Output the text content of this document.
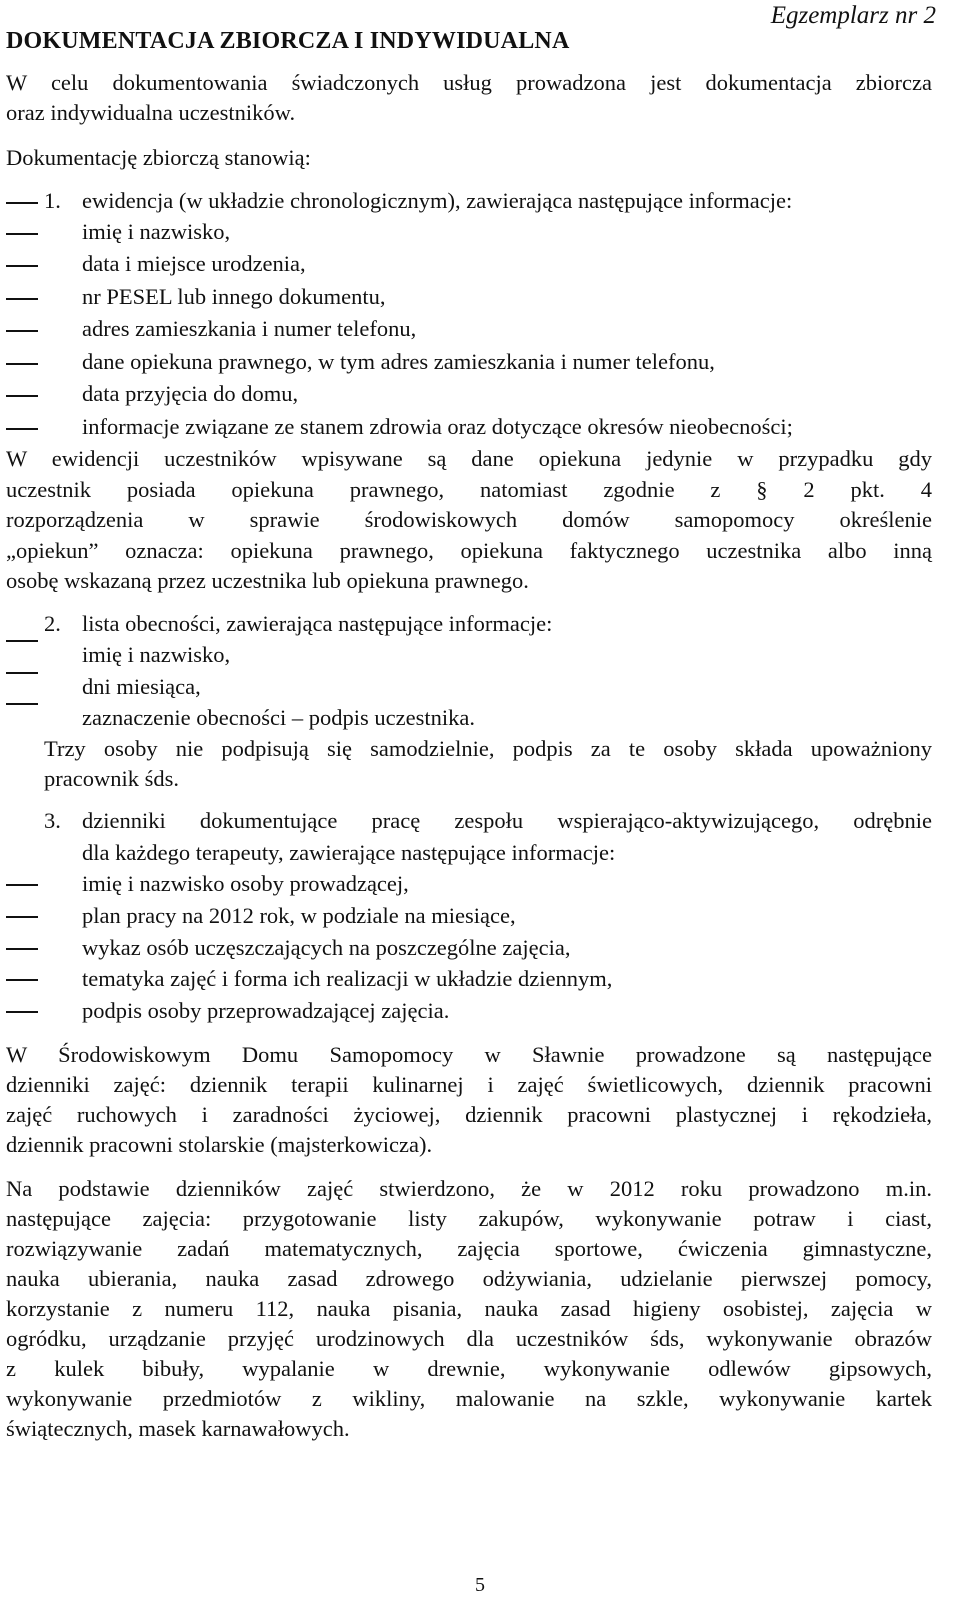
Egzemplarz nr 2
DOKUMENTACJA ZBIORCZA I INDYWIDUALNA
W celu dokumentowania świadczonych usług prowadzona jest dokumentacja zbiorcza
oraz indywidualna uczestników.
Dokumentację zbiorczą stanowią:
1. ewidencja (w układzie chronologicznym), zawierająca następujące informacje:
imię i nazwisko,
data i miejsce urodzenia,
nr PESEL lub innego dokumentu,
adres zamieszkania i numer telefonu,
dane opiekuna prawnego, w tym adres zamieszkania i numer telefonu,
data przyjęcia do domu,
informacje związane ze stanem zdrowia oraz dotyczące okresów nieobecności;
W ewidencji uczestników wpisywane są dane opiekuna jedynie w przypadku gdy
uczestnik posiada opiekuna prawnego, natomiast zgodnie z § 2 pkt. 4
rozporządzenia w sprawie środowiskowych domów samopomocy określenie
„opiekun” oznacza: opiekuna prawnego, opiekuna faktycznego uczestnika albo inną
osobę wskazaną przez uczestnika lub opiekuna prawnego.
2. lista obecności, zawierająca następujące informacje:
imię i nazwisko,
dni miesiąca,
zaznaczenie obecności – podpis uczestnika.
Trzy osoby nie podpisują się samodzielnie, podpis za te osoby składa upoważniony
pracownik śds.
3. dzienniki dokumentujące pracę zespołu wspierająco-aktywizującego, odrębnie
dla każdego terapeuty, zawierające następujące informacje:
imię i nazwisko osoby prowadzącej,
plan pracy na 2012 rok, w podziale na miesiące,
wykaz osób uczęszczających na poszczególne zajęcia,
tematyka zajęć i forma ich realizacji w układzie dziennym,
podpis osoby przeprowadzającej zajęcia.
W Środowiskowym Domu Samopomocy w Sławnie prowadzone są następujące
dzienniki zajęć: dziennik terapii kulinarnej i zajęć świetlicowych, dziennik pracowni
zajęć ruchowych i zaradności życiowej, dziennik pracowni plastycznej i rękodzieła,
dziennik pracowni stolarskie (majsterkowicza).
Na podstawie dzienników zajęć stwierdzono, że w 2012 roku prowadzono m.in.
następujące zajęcia: przygotowanie listy zakupów, wykonywanie potraw i ciast,
rozwiązywanie zadań matematycznych, zajęcia sportowe, ćwiczenia gimnastyczne,
nauka ubierania, nauka zasad zdrowego odżywiania, udzielanie pierwszej pomocy,
korzystanie z numeru 112, nauka pisania, nauka zasad higieny osobistej, zajęcia w
ogródku, urządzanie przyjęć urodzinowych dla uczestników śds, wykonywanie obrazów
z kulek bibuły, wypalanie w drewnie, wykonywanie odlewów gipsowych,
wykonywanie przedmiotów z wikliny, malowanie na szkle, wykonywanie kartek
świątecznych, masek karnawałowych.
5
